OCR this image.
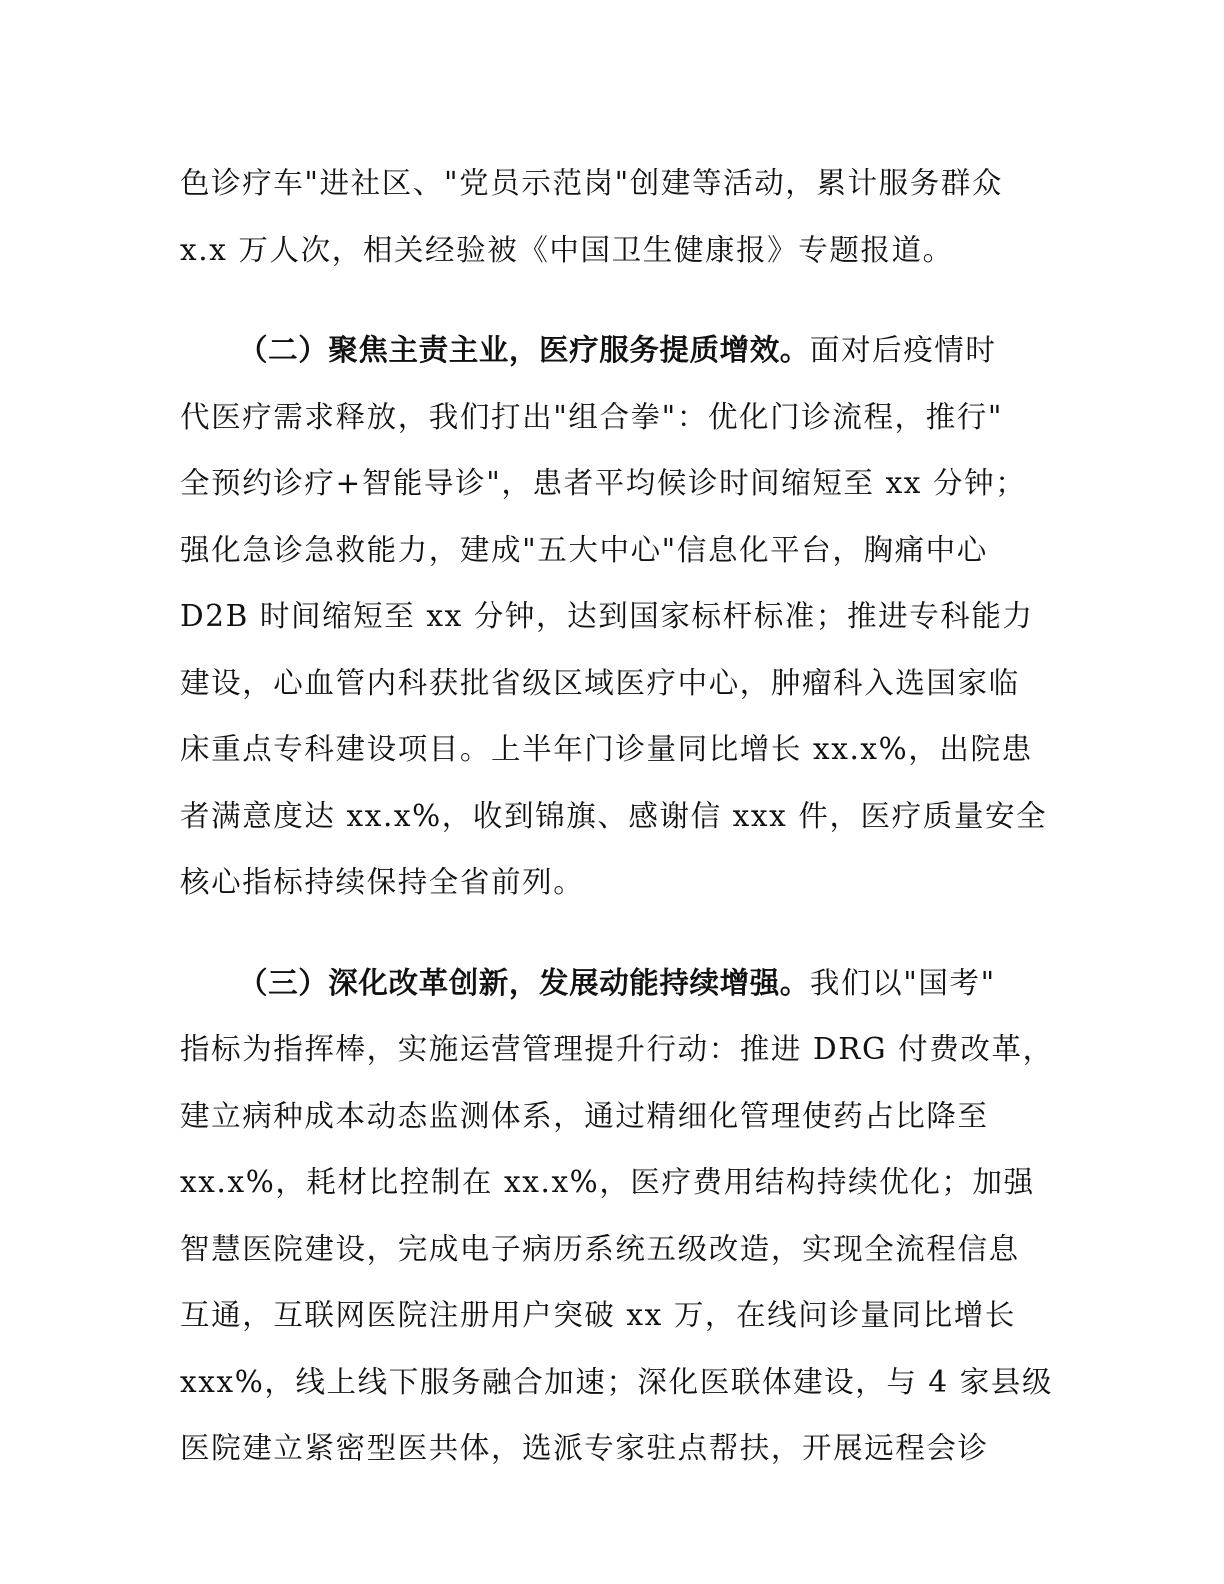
色诊疗车"进社区、"党员示范岗"创建等活动，累计服务群众
x.x 万人次，相关经验被《中国卫生健康报》专题报道。
（二）聚焦主责主业，医疗服务提质增效。面对后疫情时
代医疗需求释放，我们打出"组合拳"：优化门诊流程，推行"
全预约诊疗+智能导诊"，患者平均候诊时间缩短至 xx 分钟；
强化急诊急救能力，建成"五大中心"信息化平台，胸痛中心
D2B 时间缩短至 xx 分钟，达到国家标杆标准；推进专科能力
建设，心血管内科获批省级区域医疗中心，肿瘤科入选国家临
床重点专科建设项目。上半年门诊量同比增长 xx.x%，出院患
者满意度达 xx.x%，收到锦旗、感谢信 xxx 件，医疗质量安全
核心指标持续保持全省前列。
（三）深化改革创新，发展动能持续增强。我们以"国考"
指标为指挥棒，实施运营管理提升行动：推进 DRG 付费改革，
建立病种成本动态监测体系，通过精细化管理使药占比降至
xx.x%，耗材比控制在 xx.x%，医疗费用结构持续优化；加强
智慧医院建设，完成电子病历系统五级改造，实现全流程信息
互通，互联网医院注册用户突破 xx 万，在线问诊量同比增长
xxx%，线上线下服务融合加速；深化医联体建设，与 4 家县级
医院建立紧密型医共体，选派专家驻点帮扶，开展远程会诊
